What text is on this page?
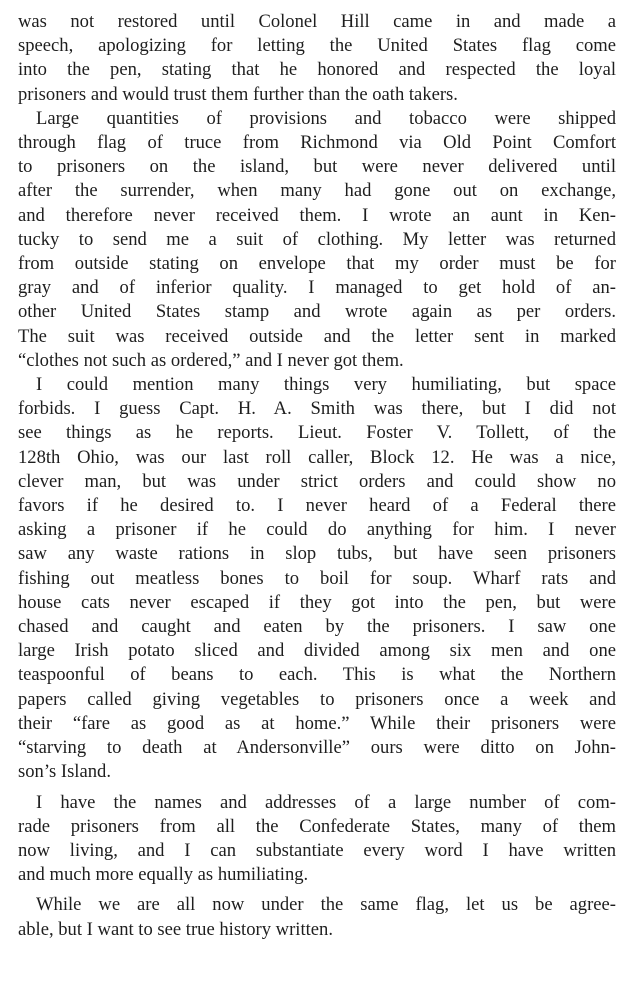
was not restored until Colonel Hill came in and made a
speech, apologizing for letting the United States flag come
into the pen, stating that he honored and respected the loyal
prisoners and would trust them further than the oath takers.
Large quantities of provisions and tobacco were shipped
through flag of truce from Richmond via Old Point Comfort
to prisoners on the island, but were never delivered until
after the surrender, when many had gone out on exchange,
and therefore never received them. I wrote an aunt in Ken-
tucky to send me a suit of clothing. My letter was returned
from outside stating on envelope that my order must be for
gray and of inferior quality. I managed to get hold of an-
other United States stamp and wrote again as per orders.
The suit was received outside and the letter sent in marked
“clothes not such as ordered,” and I never got them.
I could mention many things very humiliating, but space
forbids. I guess Capt. H. A. Smith was there, but I did not
see things as he reports. Lieut. Foster V. Tollett, of the
128th Ohio, was our last roll caller, Block 12. He was a nice,
clever man, but was under strict orders and could show no
favors if he desired to. I never heard of a Federal there
asking a prisoner if he could do anything for him. I never
saw any waste rations in slop tubs, but have seen prisoners
fishing out meatless bones to boil for soup. Wharf rats and
house cats never escaped if they got into the pen, but were
chased and caught and eaten by the prisoners. I saw one
large Irish potato sliced and divided among six men and one
teaspoonful of beans to each. This is what the Northern
papers called giving vegetables to prisoners once a week and
their “fare as good as at home.” While their prisoners were
“starving to death at Andersonville” ours were ditto on John-
son’s Island.
I have the names and addresses of a large number of com-
rade prisoners from all the Confederate States, many of them
now living, and I can substantiate every word I have written
and much more equally as humiliating.
While we are all now under the same flag, let us be agree-
able, but I want to see true history written.
